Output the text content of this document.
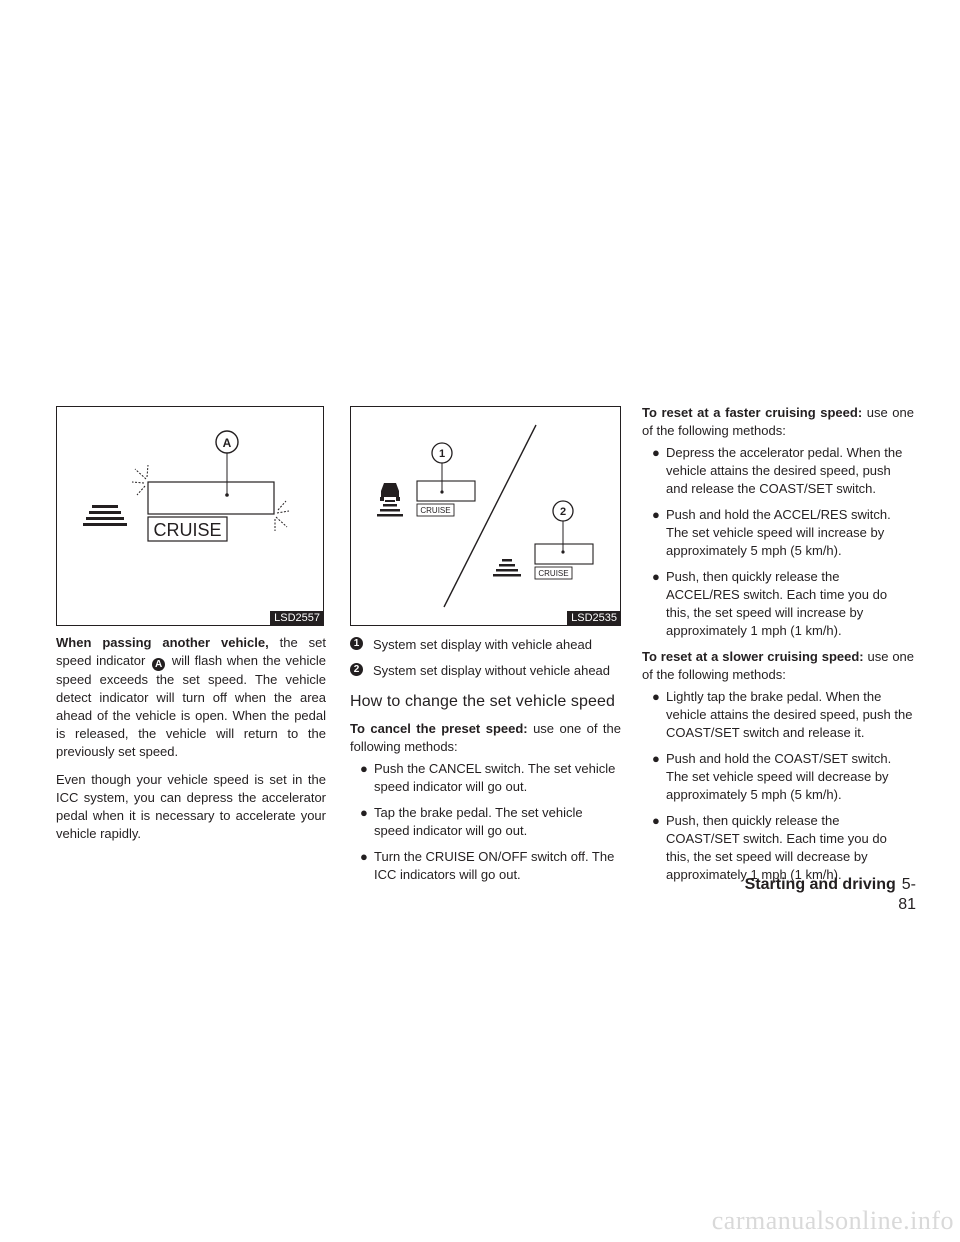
CRUISE
A
LSD2557

When passing another vehicle, the set speed indicator A will flash when the vehicle speed exceeds the set speed. The vehicle detect indicator will turn off when the area ahead of the vehicle is open. When the pedal is released, the vehicle will return to the previously set speed.

Even though your vehicle speed is set in the ICC system, you can depress the accelerator pedal when it is necessary to accelerate your vehicle rapidly.

CRUISE
1
CRUISE
2
LSD2535
1 System set display with vehicle ahead
2 System set display without vehicle ahead
How to change the set vehicle speed

To cancel the preset speed: use one of the following methods:

● Push the CANCEL switch. The set vehicle speed indicator will go out.
● Tap the brake pedal. The set vehicle speed indicator will go out.
● Turn the CRUISE ON/OFF switch off. The ICC indicators will go out.

To reset at a faster cruising speed: use one of the following methods:

● Depress the accelerator pedal. When the vehicle attains the desired speed, push and release the COAST/SET switch.
● Push and hold the ACCEL/RES switch. The set vehicle speed will increase by approximately 5 mph (5 km/h).
● Push, then quickly release the ACCEL/RES switch. Each time you do this, the set speed will increase by approximately 1 mph (1 km/h).

To reset at a slower cruising speed: use one of the following methods:

● Lightly tap the brake pedal. When the vehicle attains the desired speed, push the COAST/SET switch and release it.
● Push and hold the COAST/SET switch. The set vehicle speed will decrease by approximately 5 mph (5 km/h).
● Push, then quickly release the COAST/SET switch. Each time you do this, the set speed will decrease by approximately 1 mph (1 km/h).
Starting and driving 5-81
carmanualsonline.info
